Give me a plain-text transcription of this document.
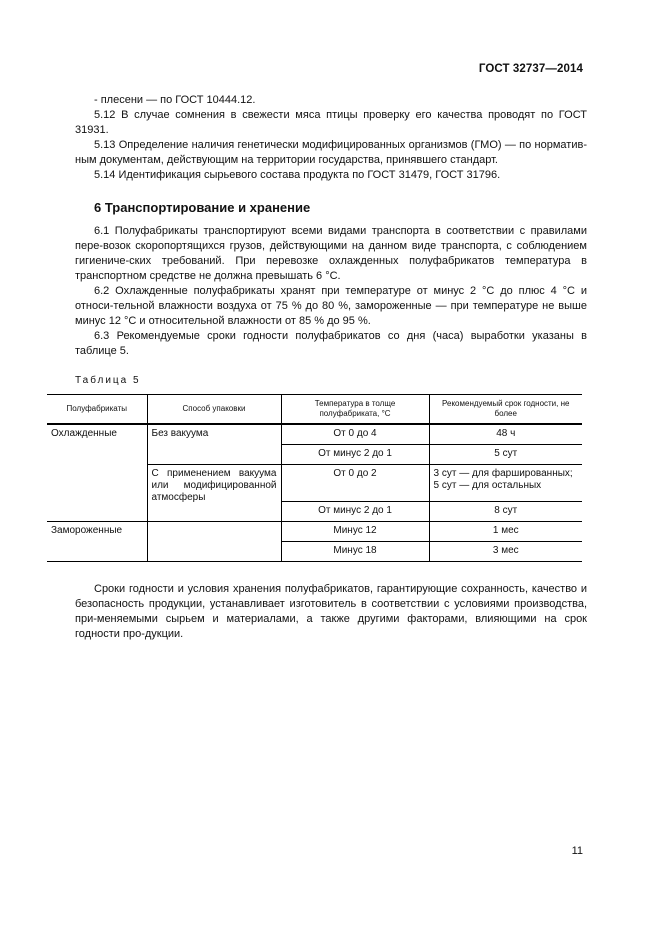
ГОСТ 32737—2014

- плесени — по ГОСТ 10444.12.

5.12 В случае сомнения в свежести мяса птицы проверку его качества проводят по ГОСТ 31931.

5.13 Определение наличия генетически модифицированных организмов (ГМО) — по норматив-ным документам, действующим на территории государства, принявшего стандарт.

5.14 Идентификация сырьевого состава продукта по ГОСТ 31479, ГОСТ 31796.

6 Транспортирование и хранение

6.1 Полуфабрикаты транспортируют всеми видами транспорта в соответствии с правилами пере-возок скоропортящихся грузов, действующими на данном виде транспорта, с соблюдением гигиениче-ских требований. При перевозке охлажденных полуфабрикатов температура в транспортном средстве не должна превышать 6 °С.

6.2 Охлажденные полуфабрикаты хранят при температуре от минус 2 °С до плюс 4 °С и относи-тельной влажности воздуха от 75 % до 80 %, замороженные — при температуре не выше минус 12 °С и относительной влажности от 85 % до 95 %.

6.3 Рекомендуемые сроки годности полуфабрикатов со дня (часа) выработки указаны в таблице 5.

Таблица 5
Полуфабрикаты	Способ упаковки	Температура в толще полуфабриката, °С	Рекомендуемый срок годности, не более
Охлажденные	Без вакуума	От 0 до 4	48 ч
		От минус 2 до 1	5 сут
	С применением вакуума или модифицированной атмосферы	От 0 до 2	3 сут — для фаршированных;
5 сут — для остальных
		От минус 2 до 1	8 сут
Замороженные		Минус 12	1 мес
		Минус 18	3 мес

Сроки годности и условия хранения полуфабрикатов, гарантирующие сохранность, качество и безопасность продукции, устанавливает изготовитель в соответствии с условиями производства, при-меняемыми сырьем и материалами, а также другими факторами, влияющими на срок годности про-дукции.

11
